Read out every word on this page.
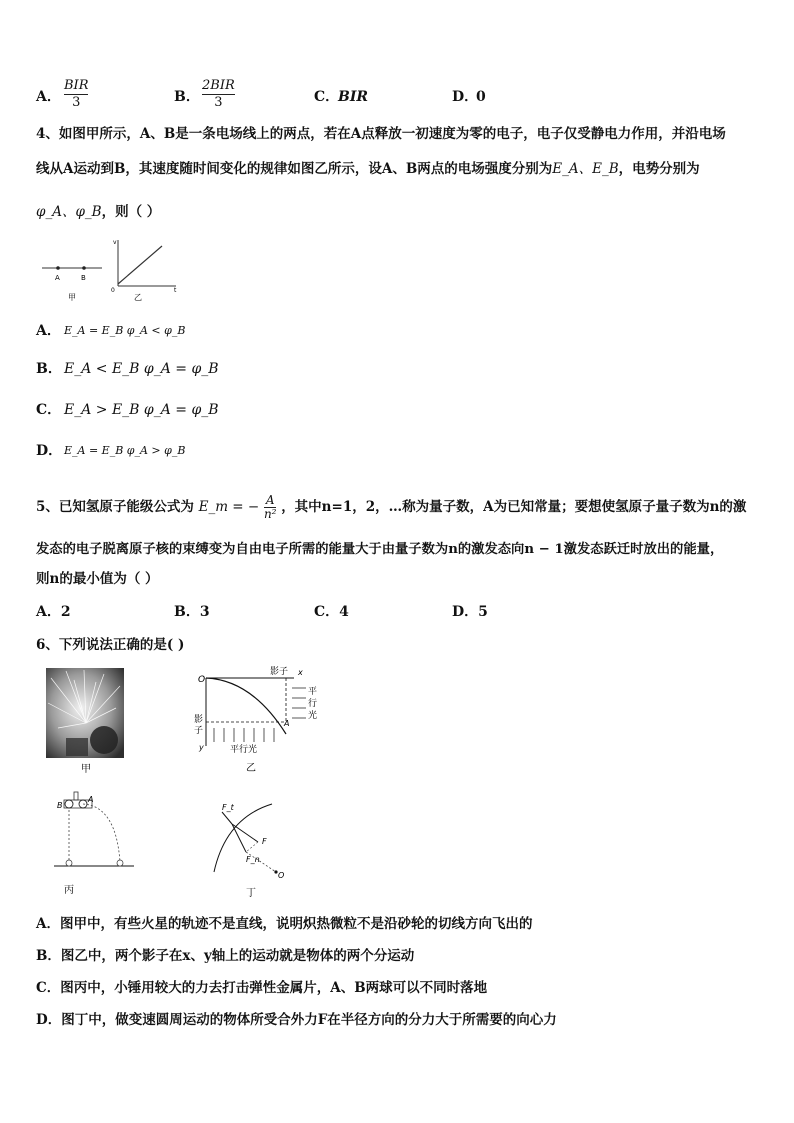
A．
BIR
3	B．
2BIR
3	C．
BIR	D．
0
4、如图甲所示，A、B是一条电场线上的两点，若在A点释放一初速度为零的电子，电子仅受静电力作用，并沿电场
线从A运动到B，其速度随时间变化的规律如图乙所示，设A、B两点的电场强度分别为E_A、E_B，电势分别为
φ_A、φ_B，则（ ）
A	B
甲
v
t
0
乙
A． E_A = E_B φ_A < φ_B
B． E_A < E_B φ_A = φ_B
C． E_A > E_B φ_A = φ_B
D． E_A = E_B φ_A > φ_B
5、已知氢原子能级公式为 E_m = − $\frac{A}{\text{n²}}$ ，其中n=1，2，…称为量子数，A为已知常量；要想使氢原子量子数为n的激
发态的电子脱离原子核的束缚变为自由电子所需的能量大于由量子数为n的激发态向n − 1激发态跃迁时放出的能量，
则n的最小值为（ ）
A．2	B．3	C．4	D．5
6、下列说法正确的是( )
甲
O
影子 x
影
子
y
A
平行光
平
行
光
乙
B
A
丙
F_t
F
F_n
O
丁
A．图甲中，有些火星的轨迹不是直线，说明炽热微粒不是沿砂轮的切线方向飞出的
B．图乙中，两个影子在x、y轴上的运动就是物体的两个分运动
C．图丙中，小锤用较大的力去打击弹性金属片，A、B两球可以不同时落地
D．图丁中，做变速圆周运动的物体所受合外力F在半径方向的分力大于所需要的向心力
